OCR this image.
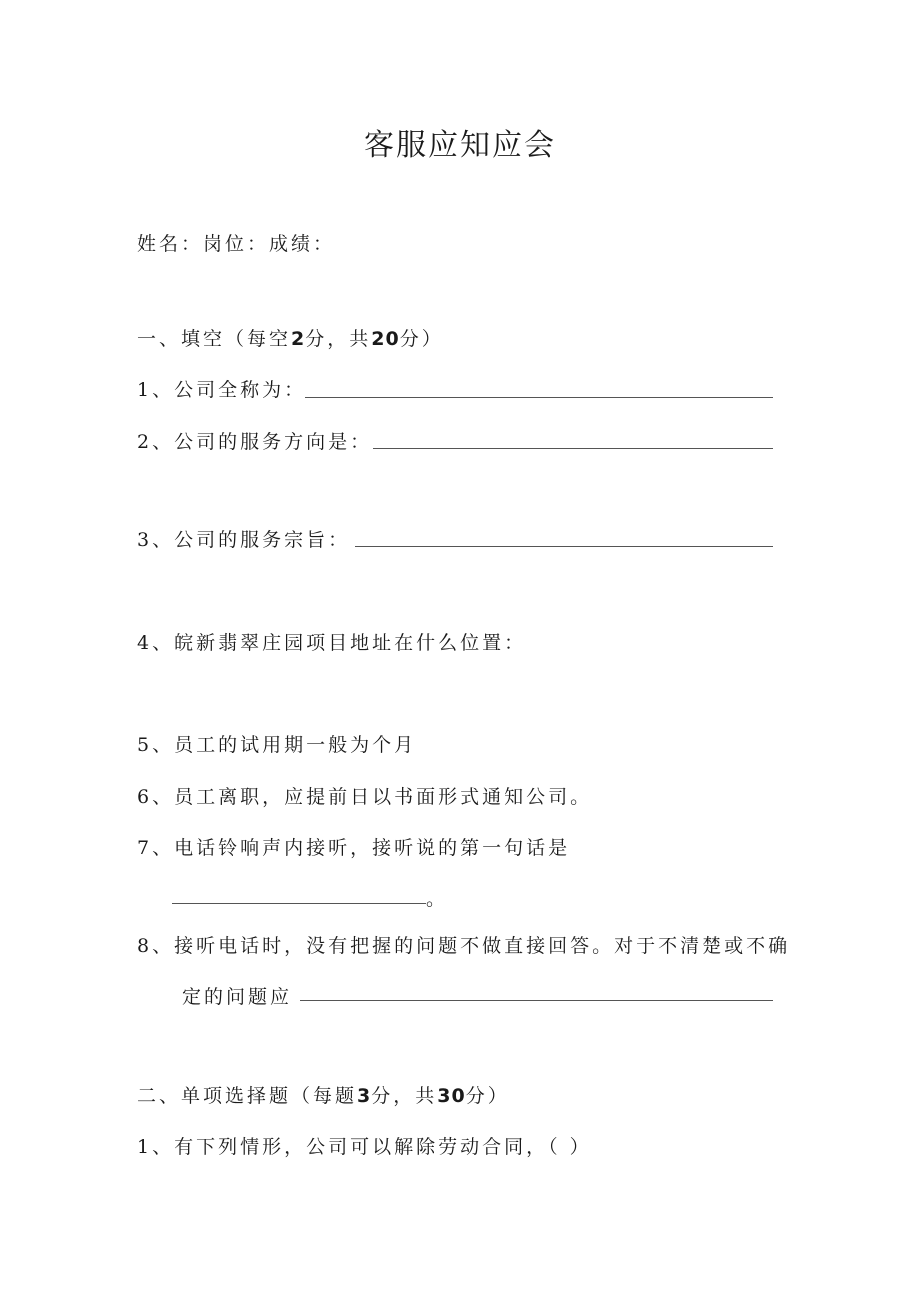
客服应知应会
姓名：岗位：成绩：
一、填空（每空2分，共20分）
1、公司全称为：
2、公司的服务方向是：
3、公司的服务宗旨：
4、皖新翡翠庄园项目地址在什么位置：
5、员工的试用期一般为个月
6、员工离职，应提前日以书面形式通知公司。
7、电话铃响声内接听，接听说的第一句话是
。
8、接听电话时，没有把握的问题不做直接回答。对于不清楚或不确
定的问题应
二、单项选择题（每题3分，共30分）
1、有下列情形，公司可以解除劳动合同，（ ）
